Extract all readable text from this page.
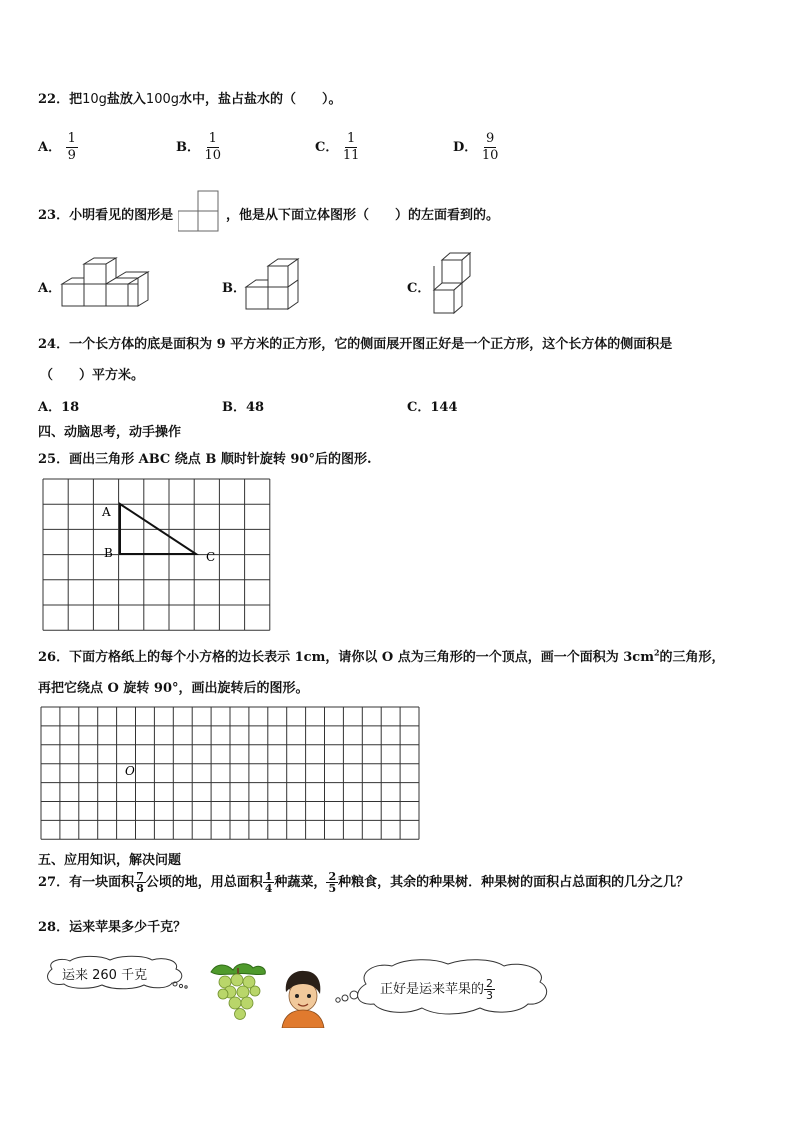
22．把10g盐放入100g水中，盐占盐水的（　　）。
A． $\frac{1}{9}$	B． $\frac{1}{10}$	C． $\frac{1}{11}$	D． $\frac{9}{10}$
23．小明看见的图形是	，他是从下面立体图形（　　）的左面看到的。
A．	B．	C．
24．一个长方体的底是面积为 9 平方米的正方形，它的侧面展开图正好是一个正方形，这个长方体的侧面积是
（　　）平方米。
A．18	B．48	C．144
四、动脑思考，动手操作
25．画出三角形 ABC 绕点 B 顺时针旋转 90°后的图形.
A
B	C
26．下面方格纸上的每个小方格的边长表示 1cm，请你以 O 点为三角形的一个顶点，画一个面积为 $3cm^2$的三角形，
再把它绕点 O 旋转 90°，画出旋转后的图形。
O
五、应用知识，解决问题
27．有一块面积 $\frac{7}{8}$ 公顷的地，用总面积 $\frac{1}{4}$ 种蔬菜， $\frac{2}{5}$ 种粮食，其余的种果树．种果树的面积占总面积的几分之几？
28．运来苹果多少千克？
运来 260 千克
正好是运来苹果的 $\frac{2}{3}$
